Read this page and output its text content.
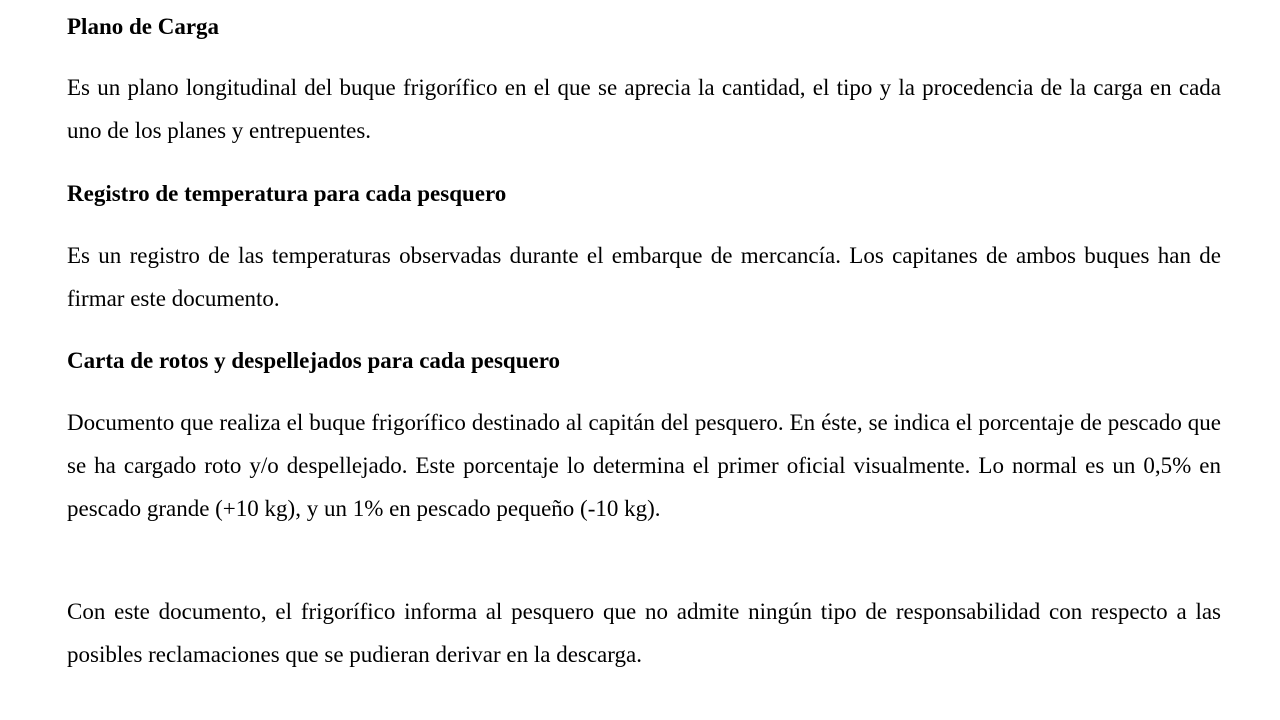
Plano de Carga
Es un plano longitudinal del buque frigorífico en el que se aprecia la cantidad, el tipo y la procedencia de la carga en cada uno de los planes y entrepuentes.
Registro de temperatura para cada pesquero
Es un registro de las temperaturas observadas durante el embarque de mercancía. Los capitanes de ambos buques han de firmar este documento.
Carta de rotos y despellejados para cada pesquero
Documento que realiza el buque frigorífico destinado al capitán del pesquero. En éste, se indica el porcentaje de pescado que se ha cargado roto y/o despellejado. Este porcentaje lo determina el primer oficial visualmente. Lo normal es un 0,5% en pescado grande (+10 kg), y un 1% en pescado pequeño (-10 kg).
Con este documento, el frigorífico informa al pesquero que no admite ningún tipo de responsabilidad con respecto a las posibles reclamaciones que se pudieran derivar en la descarga.
